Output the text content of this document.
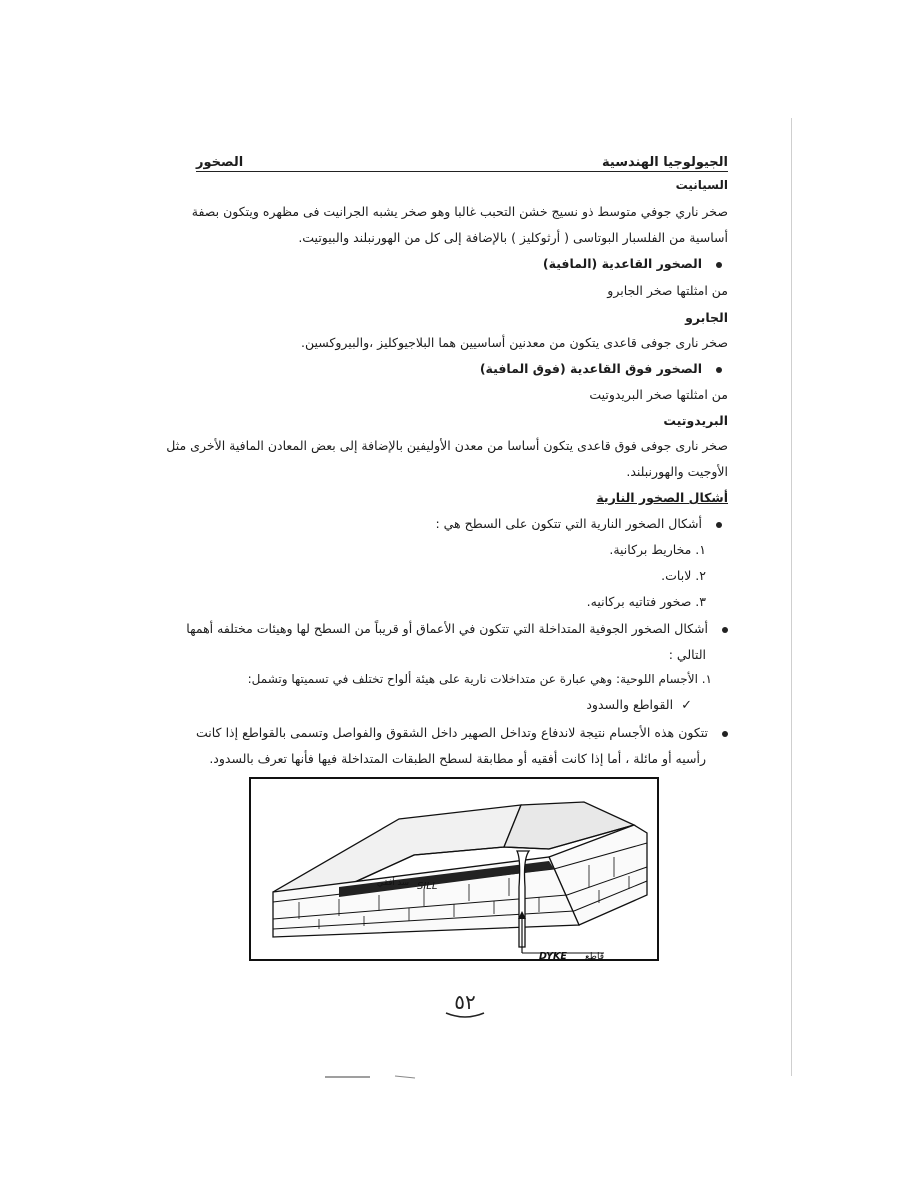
الجيولوجيا الهندسية
الصخور
السيانيت
صخر ناري جوفي متوسط ذو نسيج خشن التحبب غالبا وهو صخر يشبه الجرانيت فى مظهره ويتكون بصفة
أساسية من الفلسبار البوتاسى ( أرثوكليز ) بالإضافة إلى كل من الهورنبلند والبيوتيت.
الصخور القاعدية (المافية)
من امثلتها صخر الجابرو
الجابرو
صخر نارى جوفى قاعدى يتكون من معدنين أساسيين هما البلاجيوكليز ،والبيروكسين.
الصخور فوق القاعدية (فوق المافية)
من امثلتها صخر البريدوتيت
البريدوتيت
صخر نارى جوفى فوق قاعدى يتكون أساسا من معدن الأوليفين بالإضافة إلى بعض المعادن المافية الأخرى مثل
الأوجيت والهورنبلند.
أشكال الصخور النارية
أشكال الصخور النارية التي تتكون على السطح هي :
١. مخاريط بركانية.
٢. لابات.
٣. صخور فتاتيه بركانيه.
أشكال الصخور الجوفية المتداخلة التي تتكون في الأعماق أو قريباً من السطح لها وهيئات مختلفه أهمها
التالي :
١. الأجسام اللوحية: وهي عبارة عن متداخلات نارية على هيئة ألواح تختلف في تسميتها وتشمل:
✓القواطع والسدود
تتكون هذه الأجسام نتيجة لاندفاع وتداخل الصهير داخل الشقوق والفواصل وتسمى بالقواطع إذا كانت
رأسيه أو مائلة ، أما إذا كانت أفقيه أو مطابقة لسطح الطبقات المتداخلة فيها فأنها تعرف بالسدود.
SILL
سد أفقي
DYKE قاطع
٥٢
